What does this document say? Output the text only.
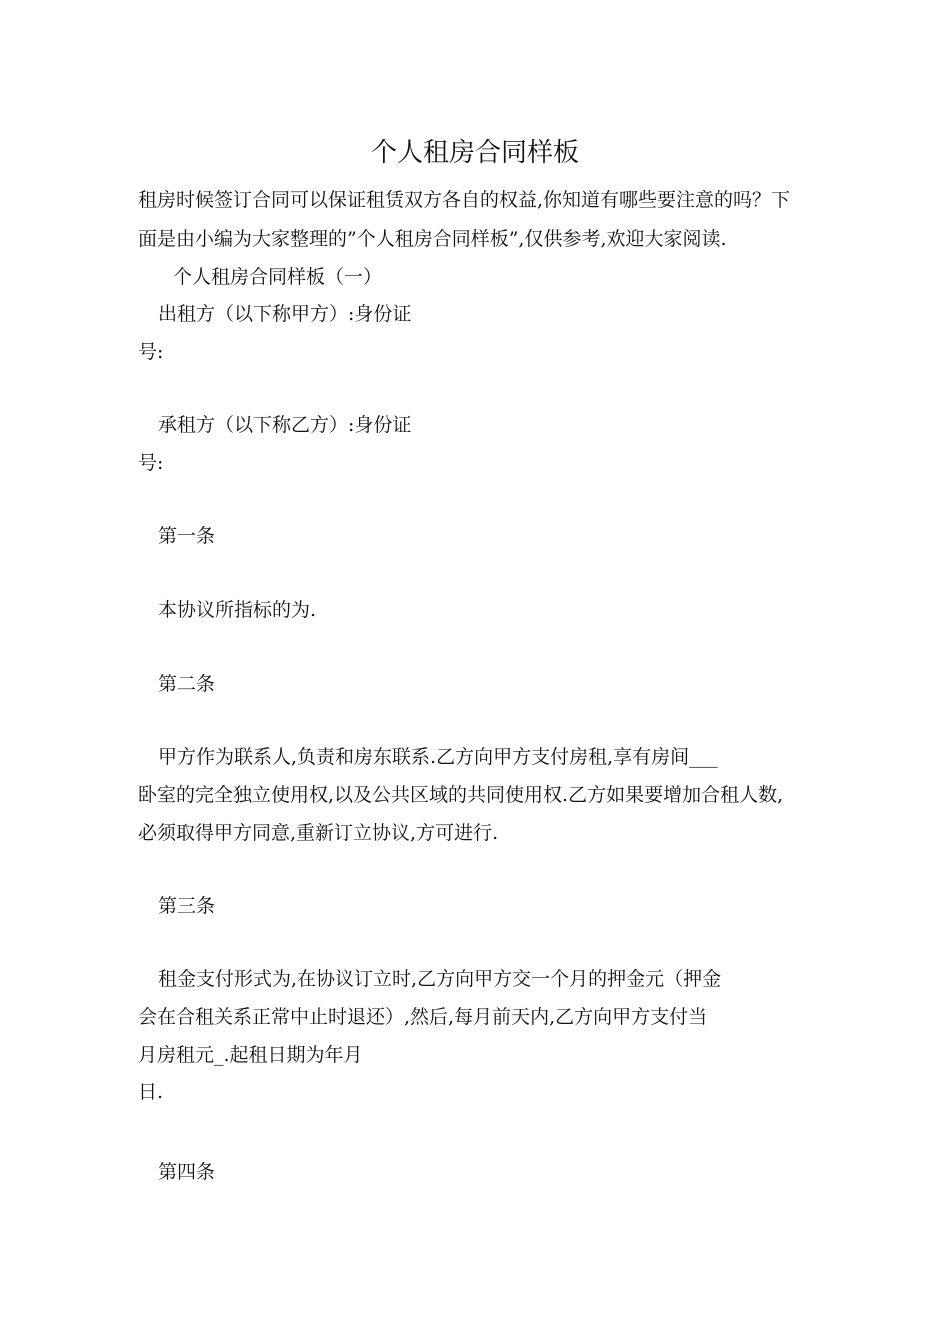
个人租房合同样板
租房时候签订合同可以保证租赁双方各自的权益,你知道有哪些要注意的吗？下
面是由小编为大家整理的”个人租房合同样板”,仅供参考,欢迎大家阅读.
个人租房合同样板（一）
出租方（以下称甲方）:身份证
号:
承租方（以下称乙方）:身份证
号:
第一条
本协议所指标的为.
第二条
甲方作为联系人,负责和房东联系.乙方向甲方支付房租,享有房间___
卧室的完全独立使用权,以及公共区域的共同使用权.乙方如果要增加合租人数,
必须取得甲方同意,重新订立协议,方可进行.
第三条
租金支付形式为,在协议订立时,乙方向甲方交一个月的押金元（押金
会在合租关系正常中止时退还）,然后,每月前天内,乙方向甲方支付当
月房租元_.起租日期为年月
日.
第四条
